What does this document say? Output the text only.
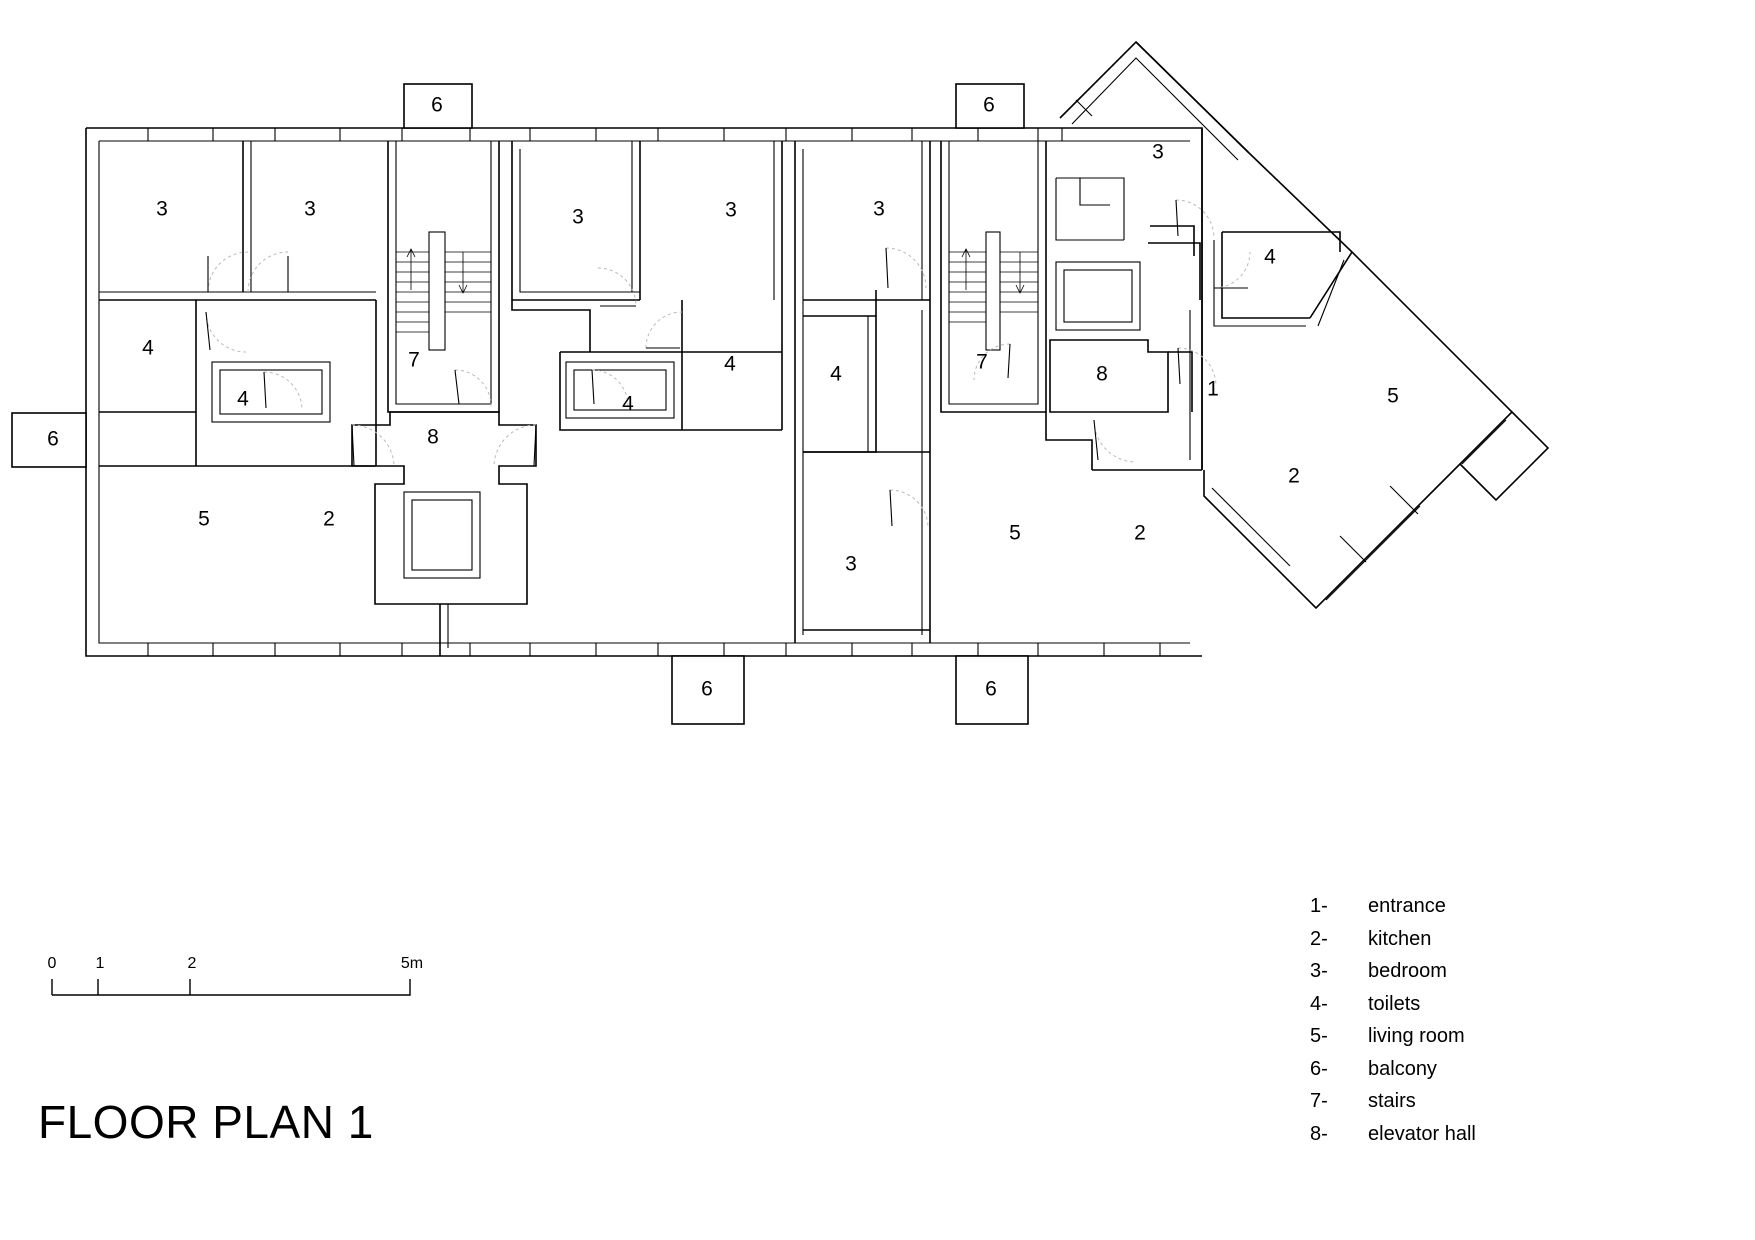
3	3	3	3	3
3
4
4	4
4	4
4
7	7
8
8
1
5	2
3
5	2
5
2
6	6
6
6	6
FLOOR PLAN 1
1-	entrance
2-	kitchen
3-	bedroom
4-	toilets
5-	living room
6-	balcony
7-	stairs
8-	elevator hall
0 1	2	5m
